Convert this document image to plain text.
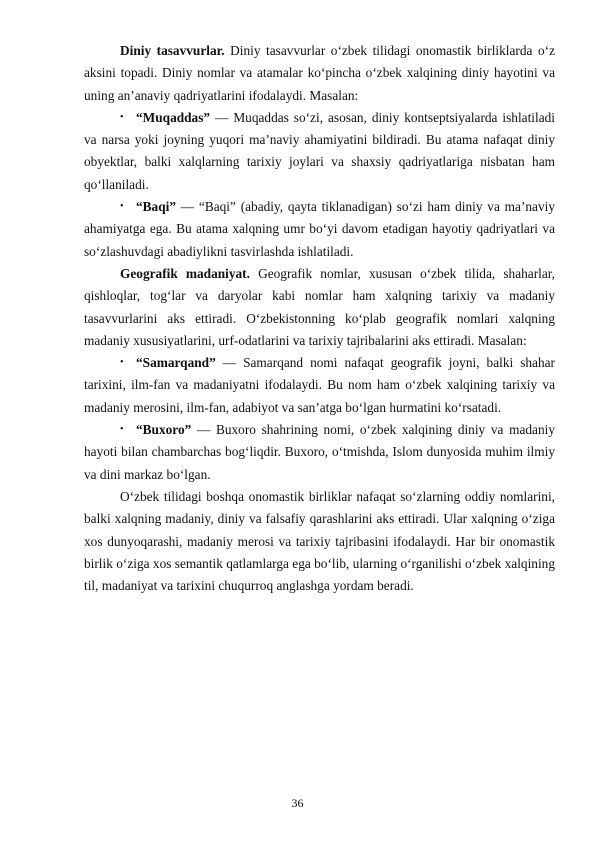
Diniy tasavvurlar. Diniy tasavvurlar o‘zbek tilidagi onomastik birliklarda o‘z aksini topadi. Diniy nomlar va atamalar ko‘pincha o‘zbek xalqining diniy hayotini va uning an’anaviy qadriyatlarini ifodalaydi. Masalan:

• “Muqaddas” — Muqaddas so‘zi, asosan, diniy kontseptsiyalarda ishlatiladi va narsa yoki joyning yuqori ma’naviy ahamiyatini bildiradi. Bu atama nafaqat diniy obyektlar, balki xalqlarning tarixiy joylari va shaxsiy qadriyatlariga nisbatan ham qo‘llaniladi.

• “Baqi” — “Baqi” (abadiy, qayta tiklanadigan) so‘zi ham diniy va ma’naviy ahamiyatga ega. Bu atama xalqning umr bo‘yi davom etadigan hayotiy qadriyatlari va so‘zlashuvdagi abadiylikni tasvirlashda ishlatiladi.

Geografik madaniyat. Geografik nomlar, xususan o‘zbek tilida, shaharlar, qishloqlar, tog‘lar va daryolar kabi nomlar ham xalqning tarixiy va madaniy tasavvurlarini aks ettiradi. O‘zbekistonning ko‘plab geografik nomlari xalqning madaniy xususiyatlarini, urf-odatlarini va tarixiy tajribalarini aks ettiradi. Masalan:

• “Samarqand” — Samarqand nomi nafaqat geografik joyni, balki shahar tarixini, ilm-fan va madaniyatni ifodalaydi. Bu nom ham o‘zbek xalqining tarixiy va madaniy merosini, ilm-fan, adabiyot va san’atga bo‘lgan hurmatini ko‘rsatadi.

• “Buxoro” — Buxoro shahrining nomi, o‘zbek xalqining diniy va madaniy hayoti bilan chambarchas bog‘liqdir. Buxoro, o‘tmishda, Islom dunyosida muhim ilmiy va dini markaz bo‘lgan.

O‘zbek tilidagi boshqa onomastik birliklar nafaqat so‘zlarning oddiy nomlarini, balki xalqning madaniy, diniy va falsafiy qarashlarini aks ettiradi. Ular xalqning o‘ziga xos dunyoqarashi, madaniy merosi va tarixiy tajribasini ifodalaydi. Har bir onomastik birlik o‘ziga xos semantik qatlamlarga ega bo‘lib, ularning o‘rganilishi o‘zbek xalqining til, madaniyat va tarixini chuqurroq anglashga yordam beradi.

36
